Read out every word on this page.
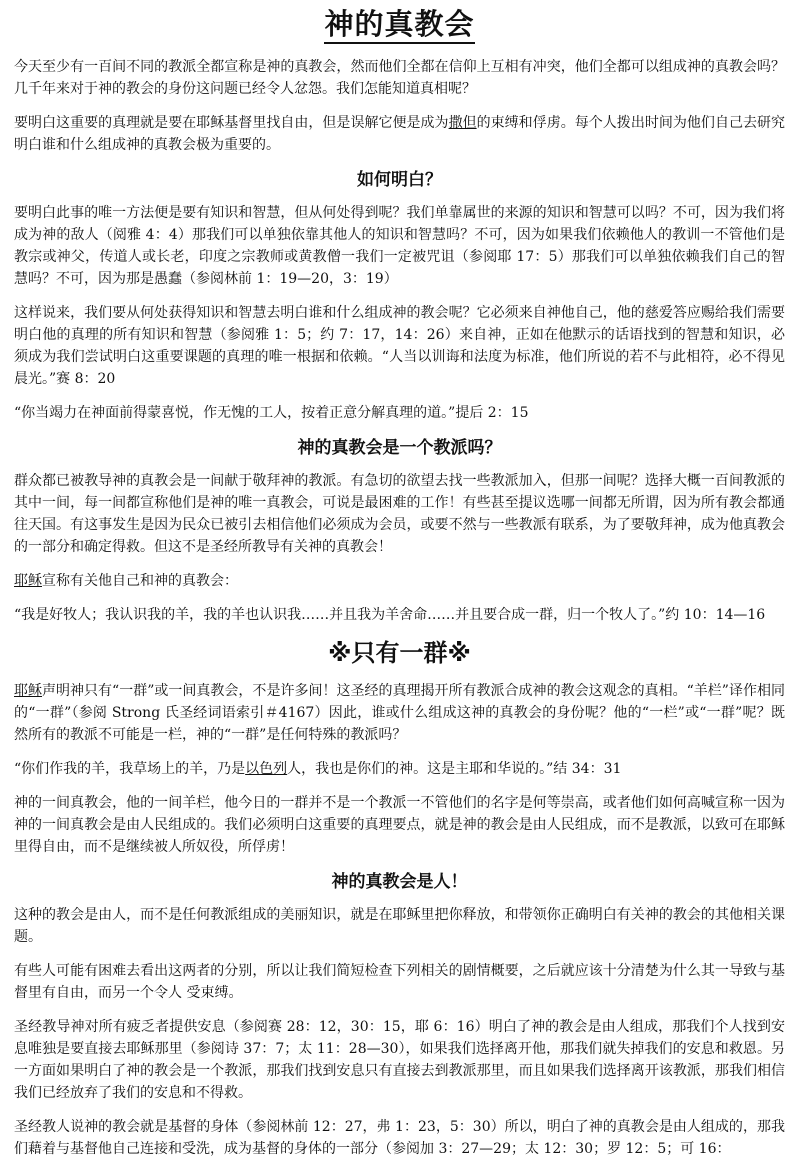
神的真教会

今天至少有一百间不同的教派全都宣称是神的真教会，然而他们全都在信仰上互相有冲突，他们全都可以组成神的真教会吗？几千年来对于神的教会的身份这问题已经令人忿怨。我们怎能知道真相呢？

要明白这重要的真理就是要在耶稣基督里找自由，但是误解它便是成为撒但的束缚和俘虏。每个人拨出时间为他们自己去研究明白谁和什么组成神的真教会极为重要的。

如何明白？

要明白此事的唯一方法便是要有知识和智慧，但从何处得到呢？我们单靠属世的来源的知识和智慧可以吗？不可，因为我们将成为神的敌人（阅雅 4：4）那我们可以单独依靠其他人的知识和智慧吗？不可，因为如果我们依赖他人的教训一不管他们是教宗或神父，传道人或长老，印度之宗教师或黄教僧一我们一定被咒诅（参阅耶 17：5）那我们可以单独依赖我们自己的智慧吗？不可，因为那是愚蠢（参阅林前 1：19—20，3：19）

这样说来，我们要从何处获得知识和智慧去明白谁和什么组成神的教会呢？它必须来自神他自己，他的慈爱答应赐给我们需要明白他的真理的所有知识和智慧（参阅雅 1：5；约 7：17，14：26）来自神，正如在他默示的话语找到的智慧和知识，必须成为我们尝试明白这重要课题的真理的唯一根据和依赖。“人当以训诲和法度为标准，他们所说的若不与此相符，必不得见晨光。”赛 8：20

“你当竭力在神面前得蒙喜悦，作无愧的工人，按着正意分解真理的道。”提后 2：15

神的真教会是一个教派吗？

群众都已被教导神的真教会是一间献于敬拜神的教派。有急切的欲望去找一些教派加入，但那一间呢？选择大概一百间教派的其中一间，每一间都宣称他们是神的唯一真教会，可说是最困难的工作！有些甚至提议选哪一间都无所谓，因为所有教会都通往天国。有这事发生是因为民众已被引去相信他们必须成为会员，或要不然与一些教派有联系，为了要敬拜神，成为他真教会的一部分和确定得救。但这不是圣经所教导有关神的真教会！

耶稣宣称有关他自己和神的真教会：

“我是好牧人；我认识我的羊，我的羊也认识我……并且我为羊舍命……并且要合成一群，归一个牧人了。”约 10：14—16

※只有一群※

耶稣声明神只有“一群”或一间真教会，不是许多间！这圣经的真理揭开所有教派合成神的教会这观念的真相。“羊栏”译作相同的“一群”（参阅 Strong 氏圣经词语索引＃4167）因此，谁或什么组成这神的真教会的身份呢？他的“一栏”或“一群”呢？既然所有的教派不可能是一栏，神的“一群”是任何特殊的教派吗？

“你们作我的羊，我草场上的羊，乃是以色列人，我也是你们的神。这是主耶和华说的。”结 34：31

神的一间真教会，他的一间羊栏，他今日的一群并不是一个教派一不管他们的名字是何等崇高，或者他们如何高喊宣称一因为神的一间真教会是由人民组成的。我们必须明白这重要的真理要点，就是神的教会是由人民组成，而不是教派，以致可在耶稣里得自由，而不是继续被人所奴役，所俘虏！

神的真教会是人！

这种的教会是由人，而不是任何教派组成的美丽知识，就是在耶稣里把你释放，和带领你正确明白有关神的教会的其他相关课题。

有些人可能有困难去看出这两者的分别，所以让我们简短检查下列相关的剧情概要，之后就应该十分清楚为什么其一导致与基督里有自由，而另一个令人 受束缚。

圣经教导神对所有疲乏者提供安息（参阅赛 28：12，30：15，耶 6：16）明白了神的教会是由人组成，那我们个人找到安息唯独是要直接去耶稣那里（参阅诗 37：7；太 11：28—30），如果我们选择离开他，那我们就失掉我们的安息和救恩。另一方面如果明白了神的教会是一个教派，那我们找到安息只有直接去到教派那里，而且如果我们选择离开该教派，那我们相信我们已经放弃了我们的安息和不得救。

圣经教人说神的教会就是基督的身体（参阅林前 12：27，弗 1：23，5：30）所以，明白了神的真教会是由人组成的，那我们藉着与基督他自己连接和受洗，成为基督的身体的一部分（参阅加 3：27—29；太 12：30；罗 12：5；可 16：
